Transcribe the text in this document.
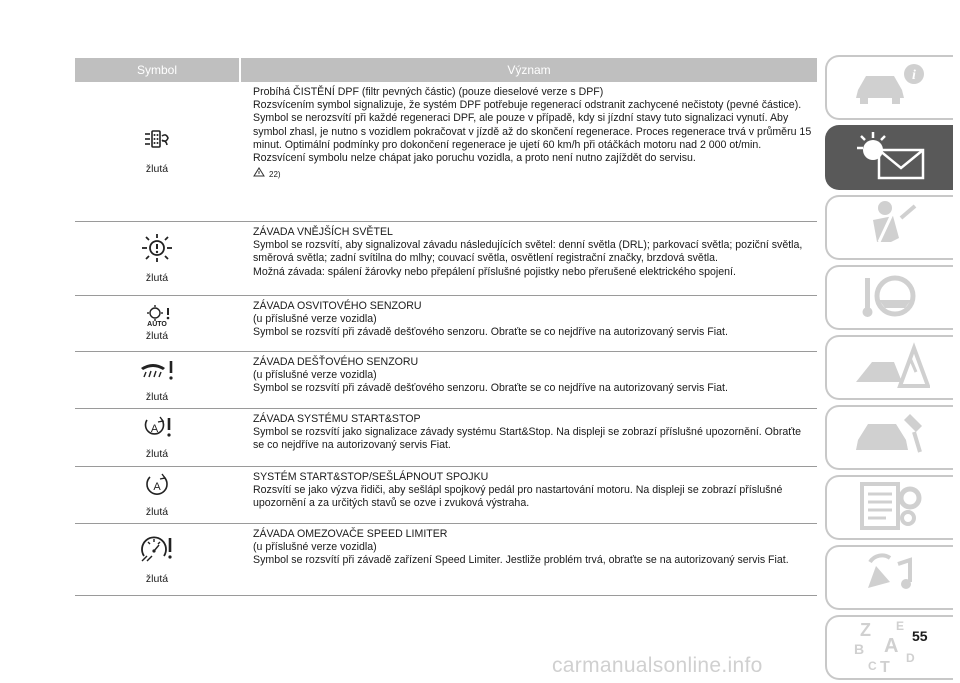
Symbol	Význam
žlutá

Probíhá ČISTĚNÍ DPF (filtr pevných částic) (pouze dieselové verze s DPF)

Rozsvícením symbol signalizuje, že systém DPF potřebuje regenerací odstranit zachycené nečistoty (pevné částice).

Symbol se nerozsvítí při každé regeneraci DPF, ale pouze v případě, kdy si jízdní stavy tuto signalizaci vynutí. Aby symbol zhasl, je nutno s vozidlem pokračovat v jízdě až do skončení regenerace. Proces regenerace trvá v průměru 15 minut. Optimální podmínky pro dokončení regenerace je ujetí 60 km/h při otáčkách motoru nad 2 000 ot/min.

Rozsvícení symbolu nelze chápat jako poruchu vozidla, a proto není nutno zajíždět do servisu.

22)
žlutá

ZÁVADA VNĚJŠÍCH SVĚTEL

Symbol se rozsvítí, aby signalizoval závadu následujících světel: denní světla (DRL); parkovací světla; poziční světla, směrová světla; zadní svítilna do mlhy; couvací světla, osvětlení registrační značky, brzdová světla.

Možná závada: spálení žárovky nebo přepálení příslušné pojistky nebo přerušené elektrického spojení.

AUTO
žlutá

ZÁVADA OSVITOVÉHO SENZORU

(u příslušné verze vozidla)

Symbol se rozsvítí při závadě dešťového senzoru. Obraťte se co nejdříve na autorizovaný servis Fiat.

žlutá

ZÁVADA DEŠŤOVÉHO SENZORU

(u příslušné verze vozidla)

Symbol se rozsvítí při závadě dešťového senzoru. Obraťte se co nejdříve na autorizovaný servis Fiat.

A
žlutá

ZÁVADA SYSTÉMU START&STOP

Symbol se rozsvítí jako signalizace závady systému Start&Stop. Na displeji se zobrazí příslušné upozornění. Obraťte se co nejdříve na autorizovaný servis Fiat.

A
žlutá

SYSTÉM START&STOP/SEŠLÁPNOUT SPOJKU

Rozsvítí se jako výzva řidiči, aby sešlápl spojkový pedál pro nastartování motoru. Na displeji se zobrazí příslušné upozornění a za určitých stavů se ozve i zvuková výstraha.

žlutá

ZÁVADA OMEZOVAČE SPEED LIMITER

(u příslušné verze vozidla)

Symbol se rozsvítí při závadě zařízení Speed Limiter. Jestliže problém trvá, obraťte se na autorizovaný servis Fiat.

i
Z E
B A
C T
D
55
carmanualsonline.info
